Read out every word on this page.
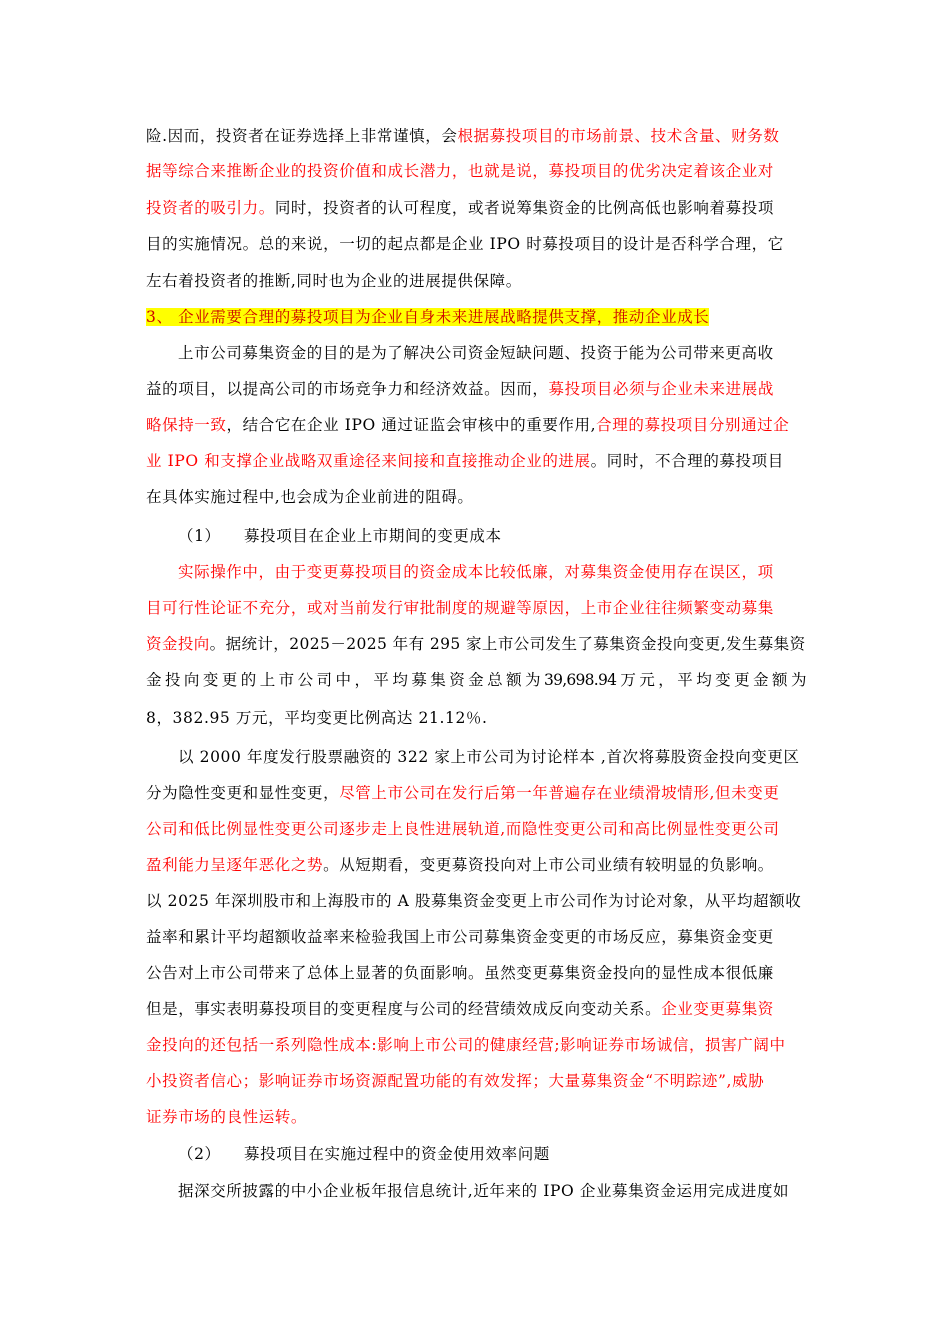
险.因而，投资者在证券选择上非常谨慎，会根据募投项目的市场前景、技术含量、财务数
据等综合来推断企业的投资价值和成长潜力，也就是说，募投项目的优劣决定着该企业对
投资者的吸引力。同时，投资者的认可程度，或者说筹集资金的比例高低也影响着募投项
目的实施情况。总的来说，一切的起点都是企业 IPO 时募投项目的设计是否科学合理，它
左右着投资者的推断,同时也为企业的进展提供保障。
3、 企业需要合理的募投项目为企业自身未来进展战略提供支撑，推动企业成长
上市公司募集资金的目的是为了解决公司资金短缺问题、投资于能为公司带来更高收
益的项目，以提高公司的市场竞争力和经济效益。因而，募投项目必须与企业未来进展战
略保持一致，结合它在企业 IPO 通过证监会审核中的重要作用,合理的募投项目分别通过企
业 IPO 和支撑企业战略双重途径来间接和直接推动企业的进展。同时，不合理的募投项目
在具体实施过程中,也会成为企业前进的阻碍。
（1） 募投项目在企业上市期间的变更成本
实际操作中，由于变更募投项目的资金成本比较低廉，对募集资金使用存在误区，项
目可行性论证不充分，或对当前发行审批制度的规避等原因，上市企业往往频繁变动募集
资金投向。据统计，2025－2025 年有 295 家上市公司发生了募集资金投向变更,发生募集资
金 投 向 变 更 的 上 市 公 司 中 ， 平 均 募 集 资 金 总 额 为 39,698.94 万 元 ， 平 均 变 更 金 额 为
8，382.95 万元，平均变更比例高达 21.12％.
以 2000 年度发行股票融资的 322 家上市公司为讨论样本 ,首次将募股资金投向变更区
分为隐性变更和显性变更，尽管上市公司在发行后第一年普遍存在业绩滑坡情形,但未变更
公司和低比例显性变更公司逐步走上良性进展轨道,而隐性变更公司和高比例显性变更公司
盈利能力呈逐年恶化之势。从短期看，变更募资投向对上市公司业绩有较明显的负影响。
以 2025 年深圳股市和上海股市的 A 股募集资金变更上市公司作为讨论对象，从平均超额收
益率和累计平均超额收益率来检验我国上市公司募集资金变更的市场反应，募集资金变更
公告对上市公司带来了总体上显著的负面影响。虽然变更募集资金投向的显性成本很低廉
但是，事实表明募投项目的变更程度与公司的经营绩效成反向变动关系。企业变更募集资
金投向的还包括一系列隐性成本:影响上市公司的健康经营;影响证券市场诚信，损害广阔中
小投资者信心；影响证券市场资源配置功能的有效发挥；大量募集资金“不明踪迹”,威胁
证券市场的良性运转。
（2） 募投项目在实施过程中的资金使用效率问题
据深交所披露的中小企业板年报信息统计,近年来的 IPO 企业募集资金运用完成进度如
